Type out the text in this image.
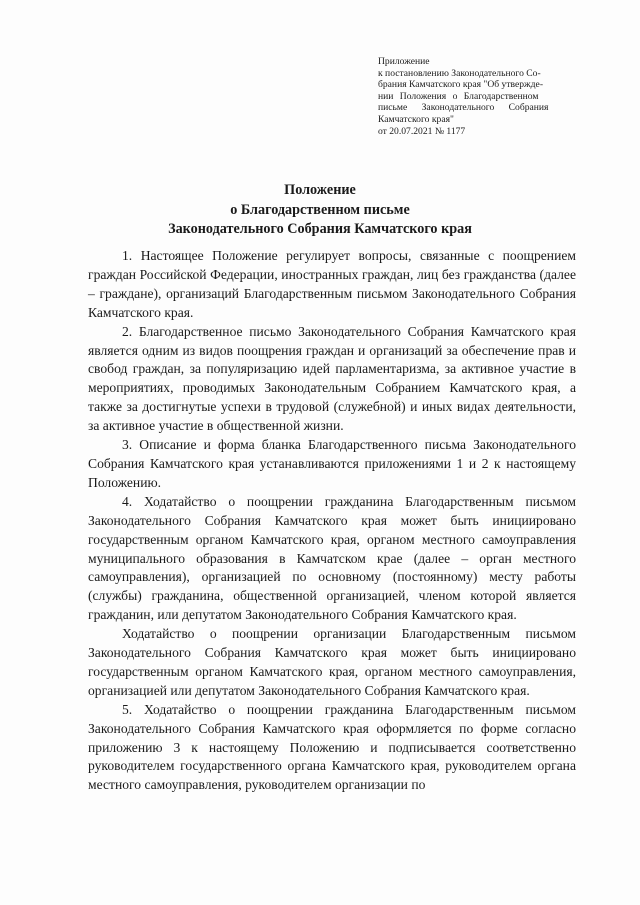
Приложение
к постановлению Законодательного Со-
брания Камчатского края "Об утвержде-
нии Положения о Благодарственном
письме Законодательного Собрания
Камчатского края"
от 20.07.2021 № 1177
Положение
о Благодарственном письме
Законодательного Собрания Камчатского края

1. Настоящее Положение регулирует вопросы, связанные с поощрением граждан Российской Федерации, иностранных граждан, лиц без гражданства (далее – граждане), организаций Благодарственным письмом Законодательного Собрания Камчатского края.

2. Благодарственное письмо Законодательного Собрания Камчатского края является одним из видов поощрения граждан и организаций за обеспечение прав и свобод граждан, за популяризацию идей парламентаризма, за активное участие в мероприятиях, проводимых Законодательным Собранием Камчатского края, а также за достигнутые успехи в трудовой (служебной) и иных видах деятельности, за активное участие в общественной жизни.

3. Описание и форма бланка Благодарственного письма Законодательного Собрания Камчатского края устанавливаются приложениями 1 и 2 к настоящему Положению.

4. Ходатайство о поощрении гражданина Благодарственным письмом Законодательного Собрания Камчатского края может быть инициировано государственным органом Камчатского края, органом местного самоуправления муниципального образования в Камчатском крае (далее – орган местного самоуправления), организацией по основному (постоянному) месту работы (службы) гражданина, общественной организацией, членом которой является гражданин, или депутатом Законодательного Собрания Камчатского края.

Ходатайство о поощрении организации Благодарственным письмом Законодательного Собрания Камчатского края может быть инициировано государственным органом Камчатского края, органом местного самоуправления, организацией или депутатом Законодательного Собрания Камчатского края.

5. Ходатайство о поощрении гражданина Благодарственным письмом Законодательного Собрания Камчатского края оформляется по форме согласно приложению 3 к настоящему Положению и подписывается соответственно руководителем государственного органа Камчатского края, руководителем органа местного самоуправления, руководителем организации по
